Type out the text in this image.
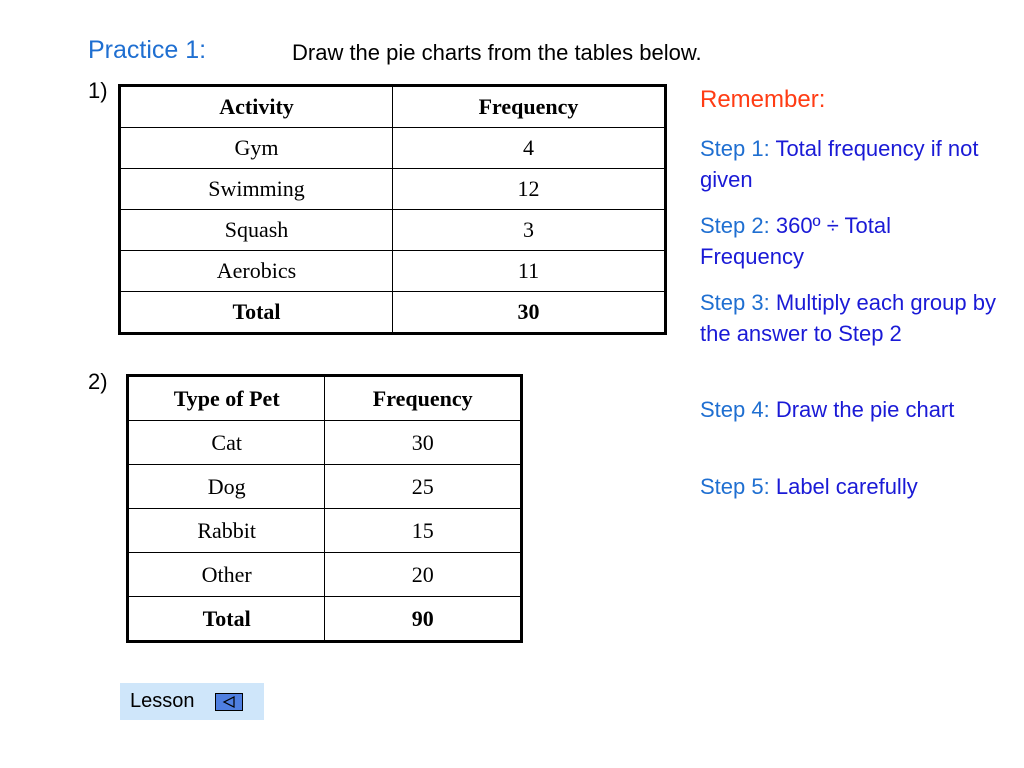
Practice 1:	Draw the pie charts from the tables below.
1)
Activity	Frequency
Gym	4
Swimming	12
Squash	3
Aerobics	11
Total	30
2)
Type of Pet	Frequency
Cat	30
Dog	25
Rabbit	15
Other	20
Total	90
Remember:
Step 1: Total frequency if not given
Step 2: 360º ÷ Total Frequency
Step 3: Multiply each group by the answer to Step 2
Step 4: Draw the pie chart
Step 5: Label carefully
Lesson
